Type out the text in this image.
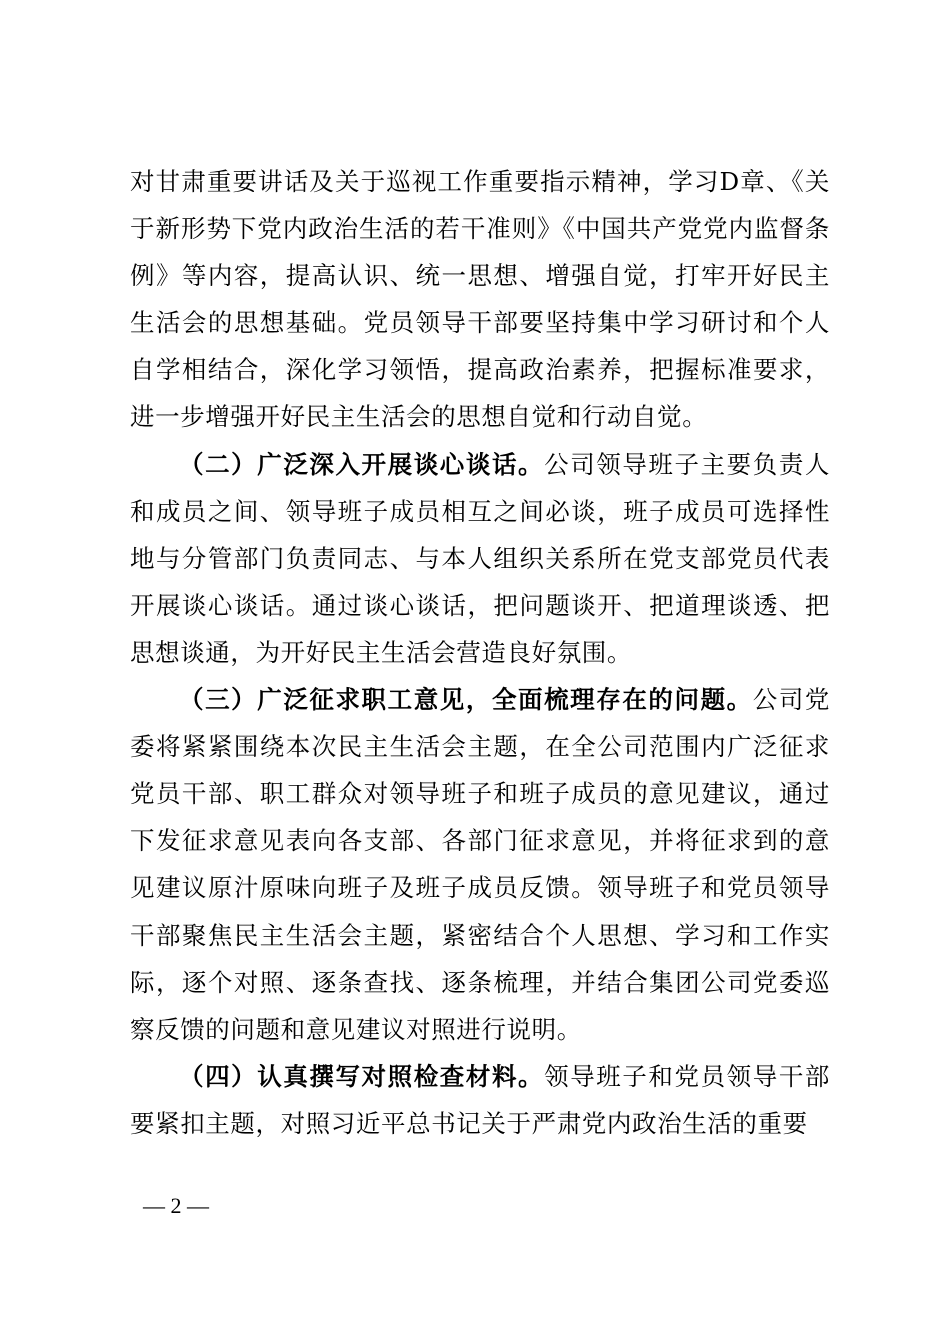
对甘肃重要讲话及关于巡视工作重要指示精神，学习D章、《关于新形势下党内政治生活的若干准则》《中国共产党党内监督条例》等内容，提高认识、统一思想、增强自觉，打牢开好民主生活会的思想基础。党员领导干部要坚持集中学习研讨和个人自学相结合，深化学习领悟，提高政治素养，把握标准要求，进一步增强开好民主生活会的思想自觉和行动自觉。

（二）广泛深入开展谈心谈话。公司领导班子主要负责人和成员之间、领导班子成员相互之间必谈，班子成员可选择性地与分管部门负责同志、与本人组织关系所在党支部党员代表开展谈心谈话。通过谈心谈话，把问题谈开、把道理谈透、把思想谈通，为开好民主生活会营造良好氛围。

（三）广泛征求职工意见，全面梳理存在的问题。公司党委将紧紧围绕本次民主生活会主题，在全公司范围内广泛征求党员干部、职工群众对领导班子和班子成员的意见建议，通过下发征求意见表向各支部、各部门征求意见，并将征求到的意见建议原汁原味向班子及班子成员反馈。领导班子和党员领导干部聚焦民主生活会主题，紧密结合个人思想、学习和工作实际，逐个对照、逐条查找、逐条梳理，并结合集团公司党委巡察反馈的问题和意见建议对照进行说明。

（四）认真撰写对照检查材料。领导班子和党员领导干部要紧扣主题，对照习近平总书记关于严肃党内政治生活的重要

— 2 —
